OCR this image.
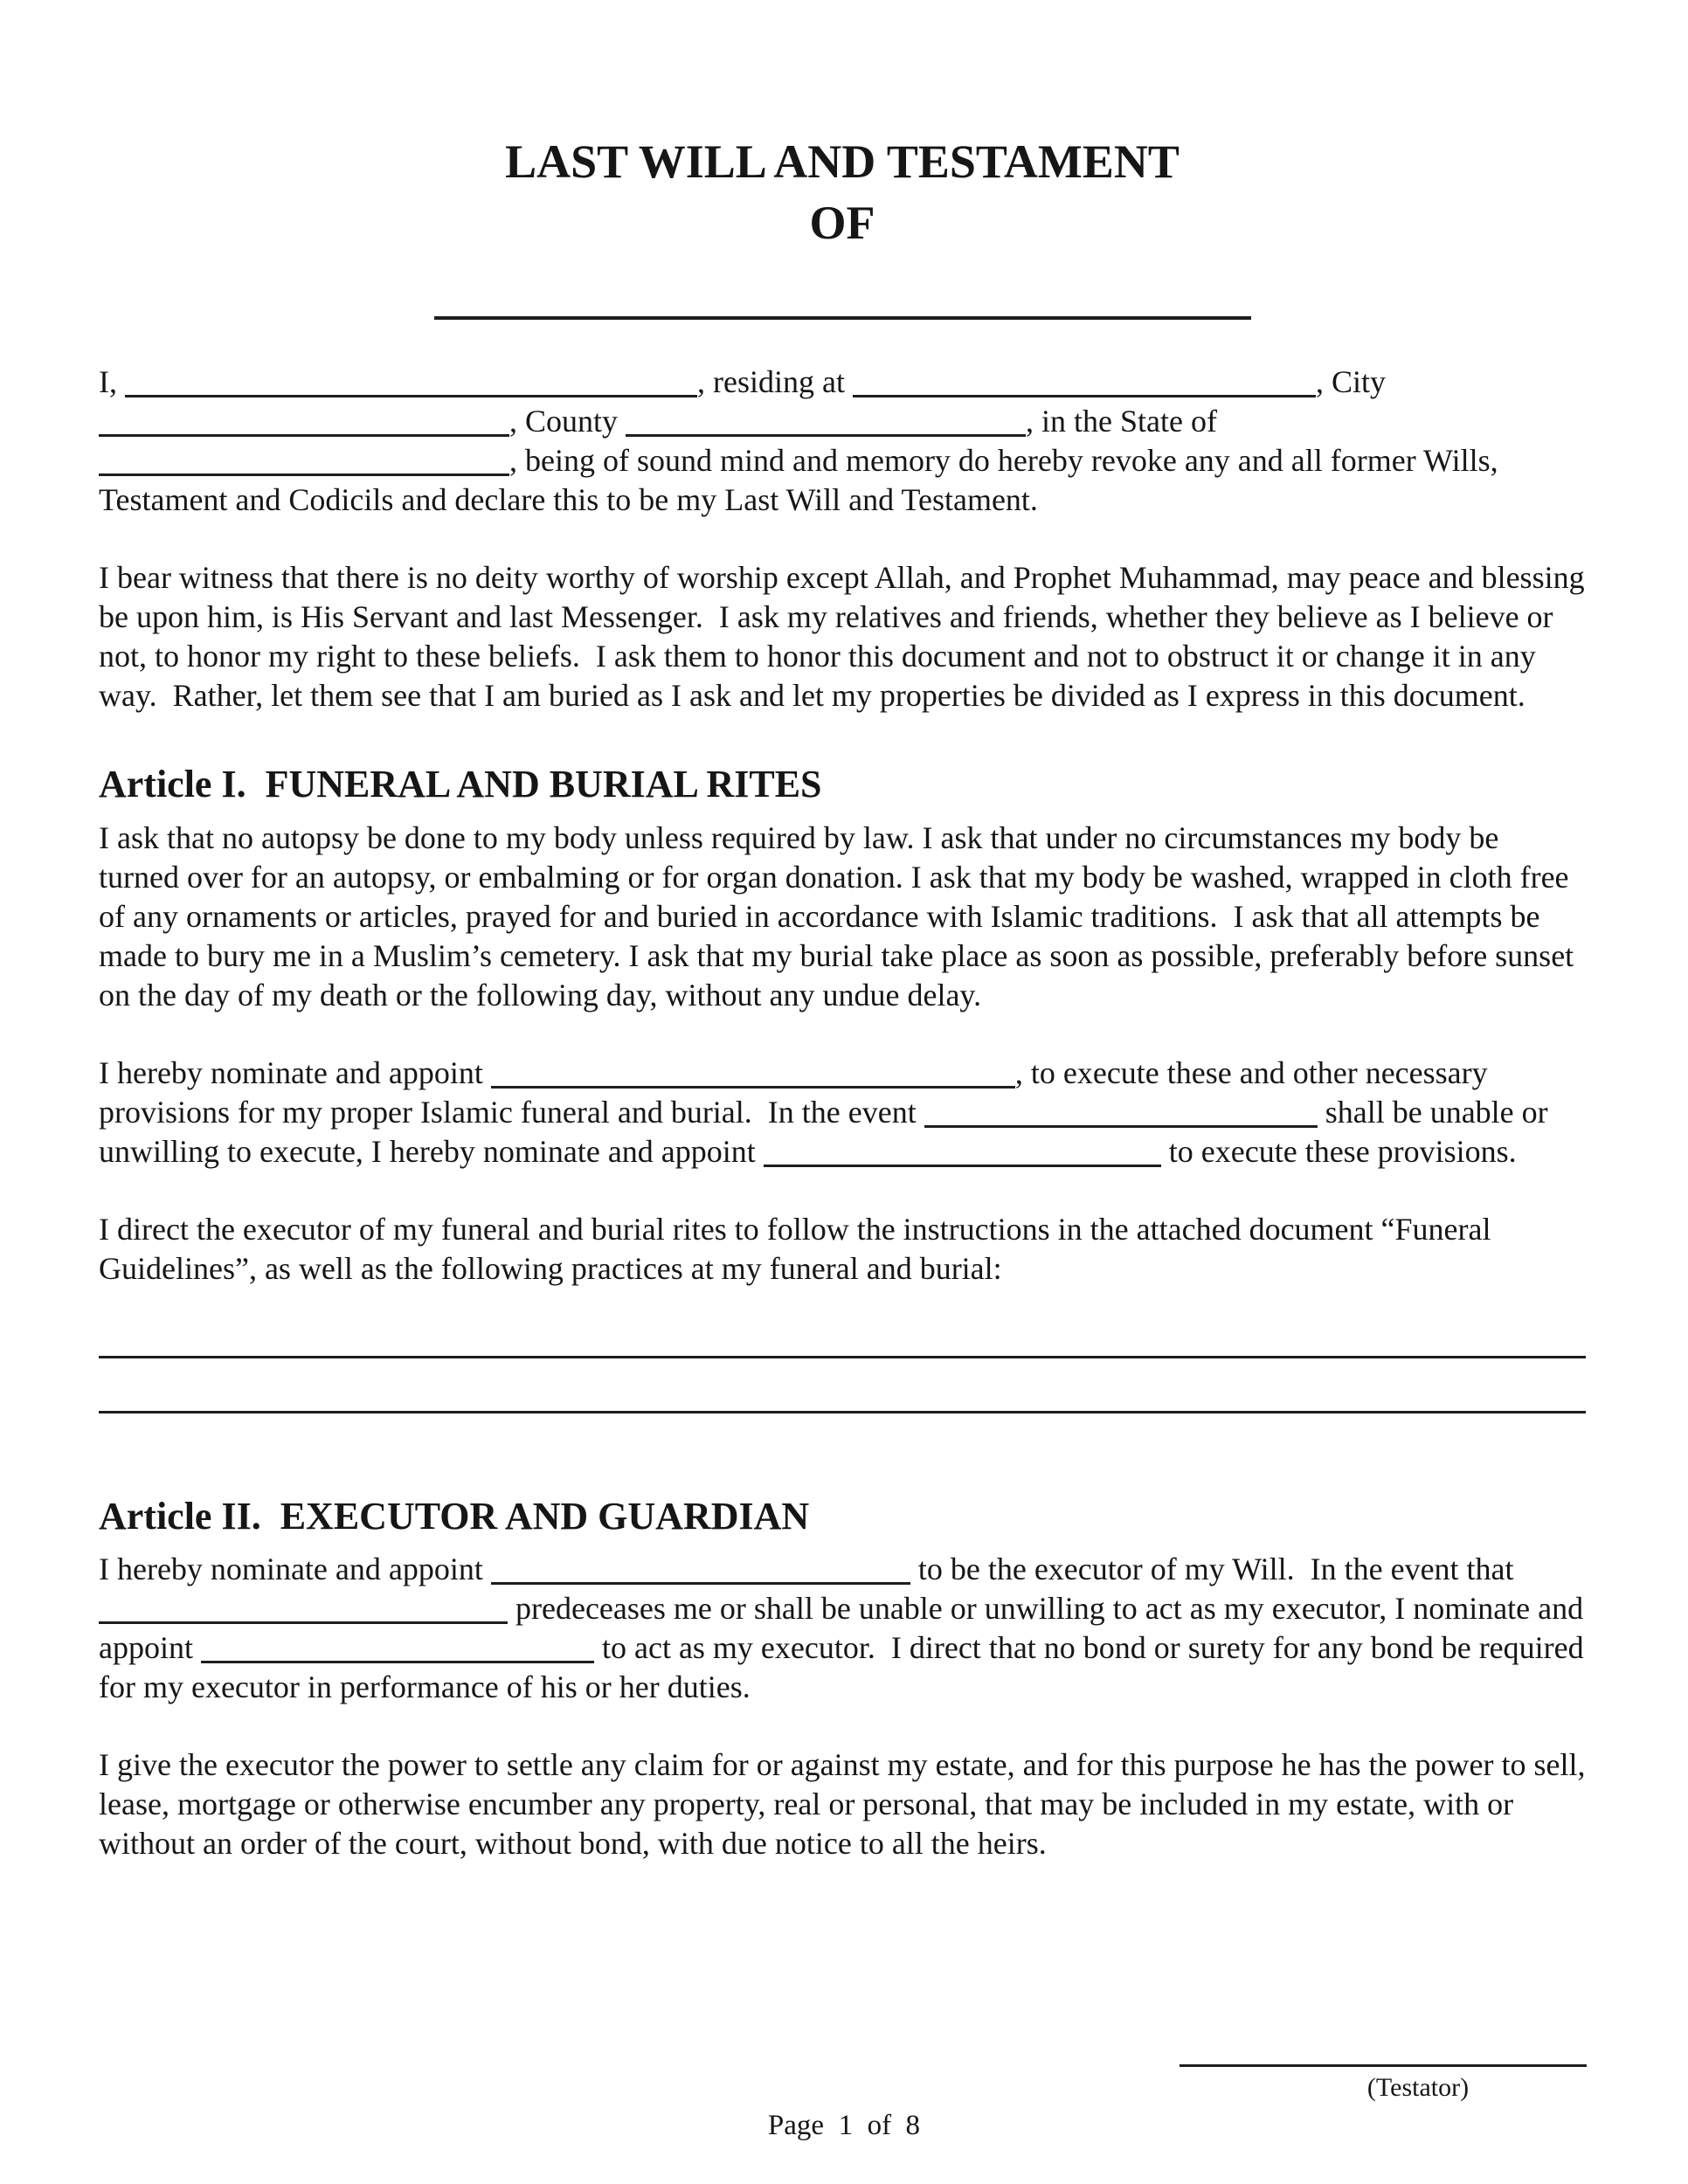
LAST WILL AND TESTAMENT
OF

I,	, residing at	, City , County	, in the State of , being of sound mind and memory do hereby revoke any and all former Wills, Testament and Codicils and declare this to be my Last Will and Testament.

I bear witness that there is no deity worthy of worship except Allah, and Prophet Muhammad, may peace and blessing be upon him, is His Servant and last Messenger.  I ask my relatives and friends, whether they believe as I believe or not, to honor my right to these beliefs.  I ask them to honor this document and not to obstruct it or change it in any way.  Rather, let them see that I am buried as I ask and let my properties be divided as I express in this document.

Article I.  FUNERAL AND BURIAL RITES

I ask that no autopsy be done to my body unless required by law. I ask that under no circumstances my body be turned over for an autopsy, or embalming or for organ donation. I ask that my body be washed, wrapped in cloth free of any ornaments or articles, prayed for and buried in accordance with Islamic traditions.  I ask that all attempts be made to bury me in a Muslim’s cemetery. I ask that my burial take place as soon as possible, preferably before sunset on the day of my death or the following day, without any undue delay.

I hereby nominate and appoint	, to execute these and other necessary provisions for my proper Islamic funeral and burial.  In the event	shall be unable or unwilling to execute, I hereby nominate and appoint	to execute these provisions.

I direct the executor of my funeral and burial rites to follow the instructions in the attached document “Funeral Guidelines”, as well as the following practices at my funeral and burial:

Article II.  EXECUTOR AND GUARDIAN

I hereby nominate and appoint	to be the executor of my Will.  In the event that  predeceases me or shall be unable or unwilling to act as my executor, I nominate and appoint	to act as my executor.  I direct that no bond or surety for any bond be required for my executor in performance of his or her duties.

I give the executor the power to settle any claim for or against my estate, and for this purpose he has the power to sell, lease, mortgage or otherwise encumber any property, real or personal, that may be included in my estate, with or without an order of the court, without bond, with due notice to all the heirs.

(Testator)
Page  1  of  8
